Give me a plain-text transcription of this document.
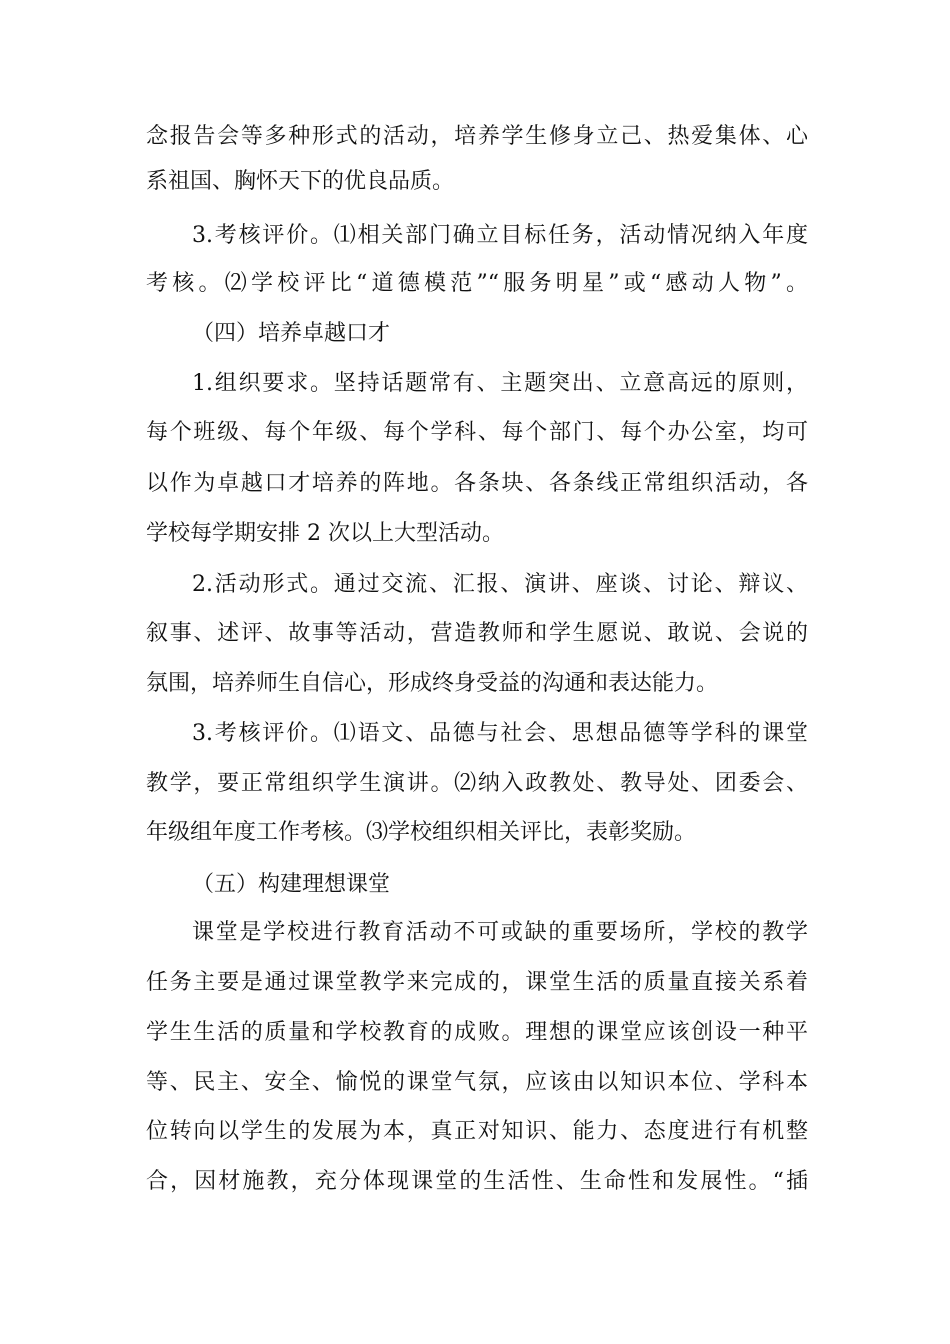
念报告会等多种形式的活动，培养学生修身立己、热爱集体、心
系祖国、胸怀天下的优良品质。
3.考核评价。⑴相关部门确立目标任务，活动情况纳入年度
考核。⑵学校评比“道德模范”“服务明星”或“感动人物”。
（四）培养卓越口才
1.组织要求。坚持话题常有、主题突出、立意高远的原则，
每个班级、每个年级、每个学科、每个部门、每个办公室，均可
以作为卓越口才培养的阵地。各条块、各条线正常组织活动，各
学校每学期安排 2 次以上大型活动。
2.活动形式。通过交流、汇报、演讲、座谈、讨论、辩议、
叙事、述评、故事等活动，营造教师和学生愿说、敢说、会说的
氛围，培养师生自信心，形成终身受益的沟通和表达能力。
3.考核评价。⑴语文、品德与社会、思想品德等学科的课堂
教学，要正常组织学生演讲。⑵纳入政教处、教导处、团委会、
年级组年度工作考核。⑶学校组织相关评比，表彰奖励。
（五）构建理想课堂
课堂是学校进行教育活动不可或缺的重要场所，学校的教学
任务主要是通过课堂教学来完成的，课堂生活的质量直接关系着
学生生活的质量和学校教育的成败。理想的课堂应该创设一种平
等、民主、安全、愉悦的课堂气氛，应该由以知识本位、学科本
位转向以学生的发展为本，真正对知识、能力、态度进行有机整
合，因材施教，充分体现课堂的生活性、生命性和发展性。“插
